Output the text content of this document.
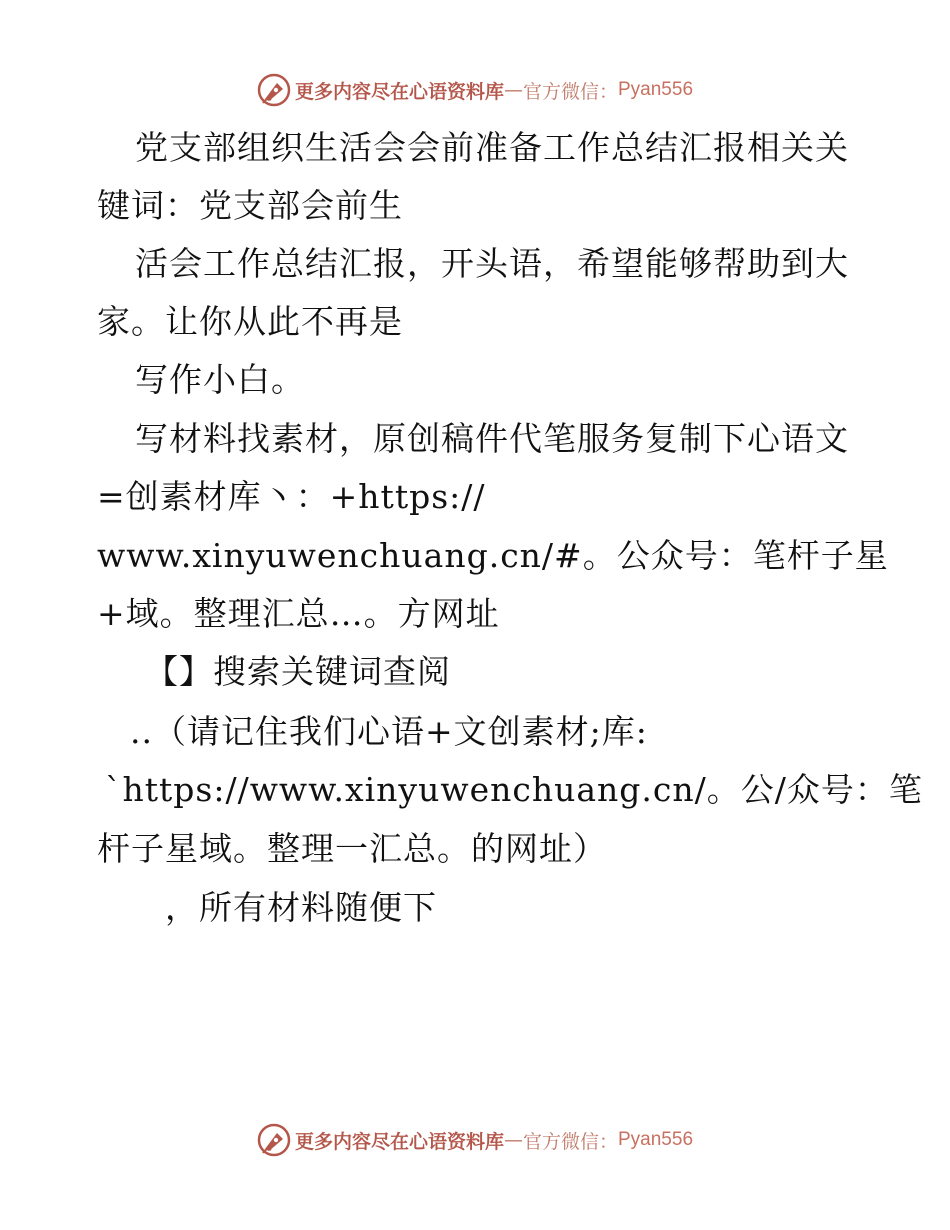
更多内容尽在心语资料库 — 官方微信： Pyan556
党支部组织生活会会前准备工作总结汇报相关关
键词：党支部会前生
活会工作总结汇报，开头语，希望能够帮助到大
家。让你从此不再是
写作小白。
写材料找素材，原创稿件代笔服务复制下心语文
=创素材库丶：+https://
www.xinyuwenchuang.cn/#。公众号：笔杆子星
+域。整理汇总…。方网址
【】搜索关键词查阅
..（请记住我们心语+文创素材;库:
`https://www.xinyuwenchuang.cn/。公/众号：笔
杆子星域。整理一汇总。的网址）
，所有材料随便下
更多内容尽在心语资料库 — 官方微信： Pyan556
